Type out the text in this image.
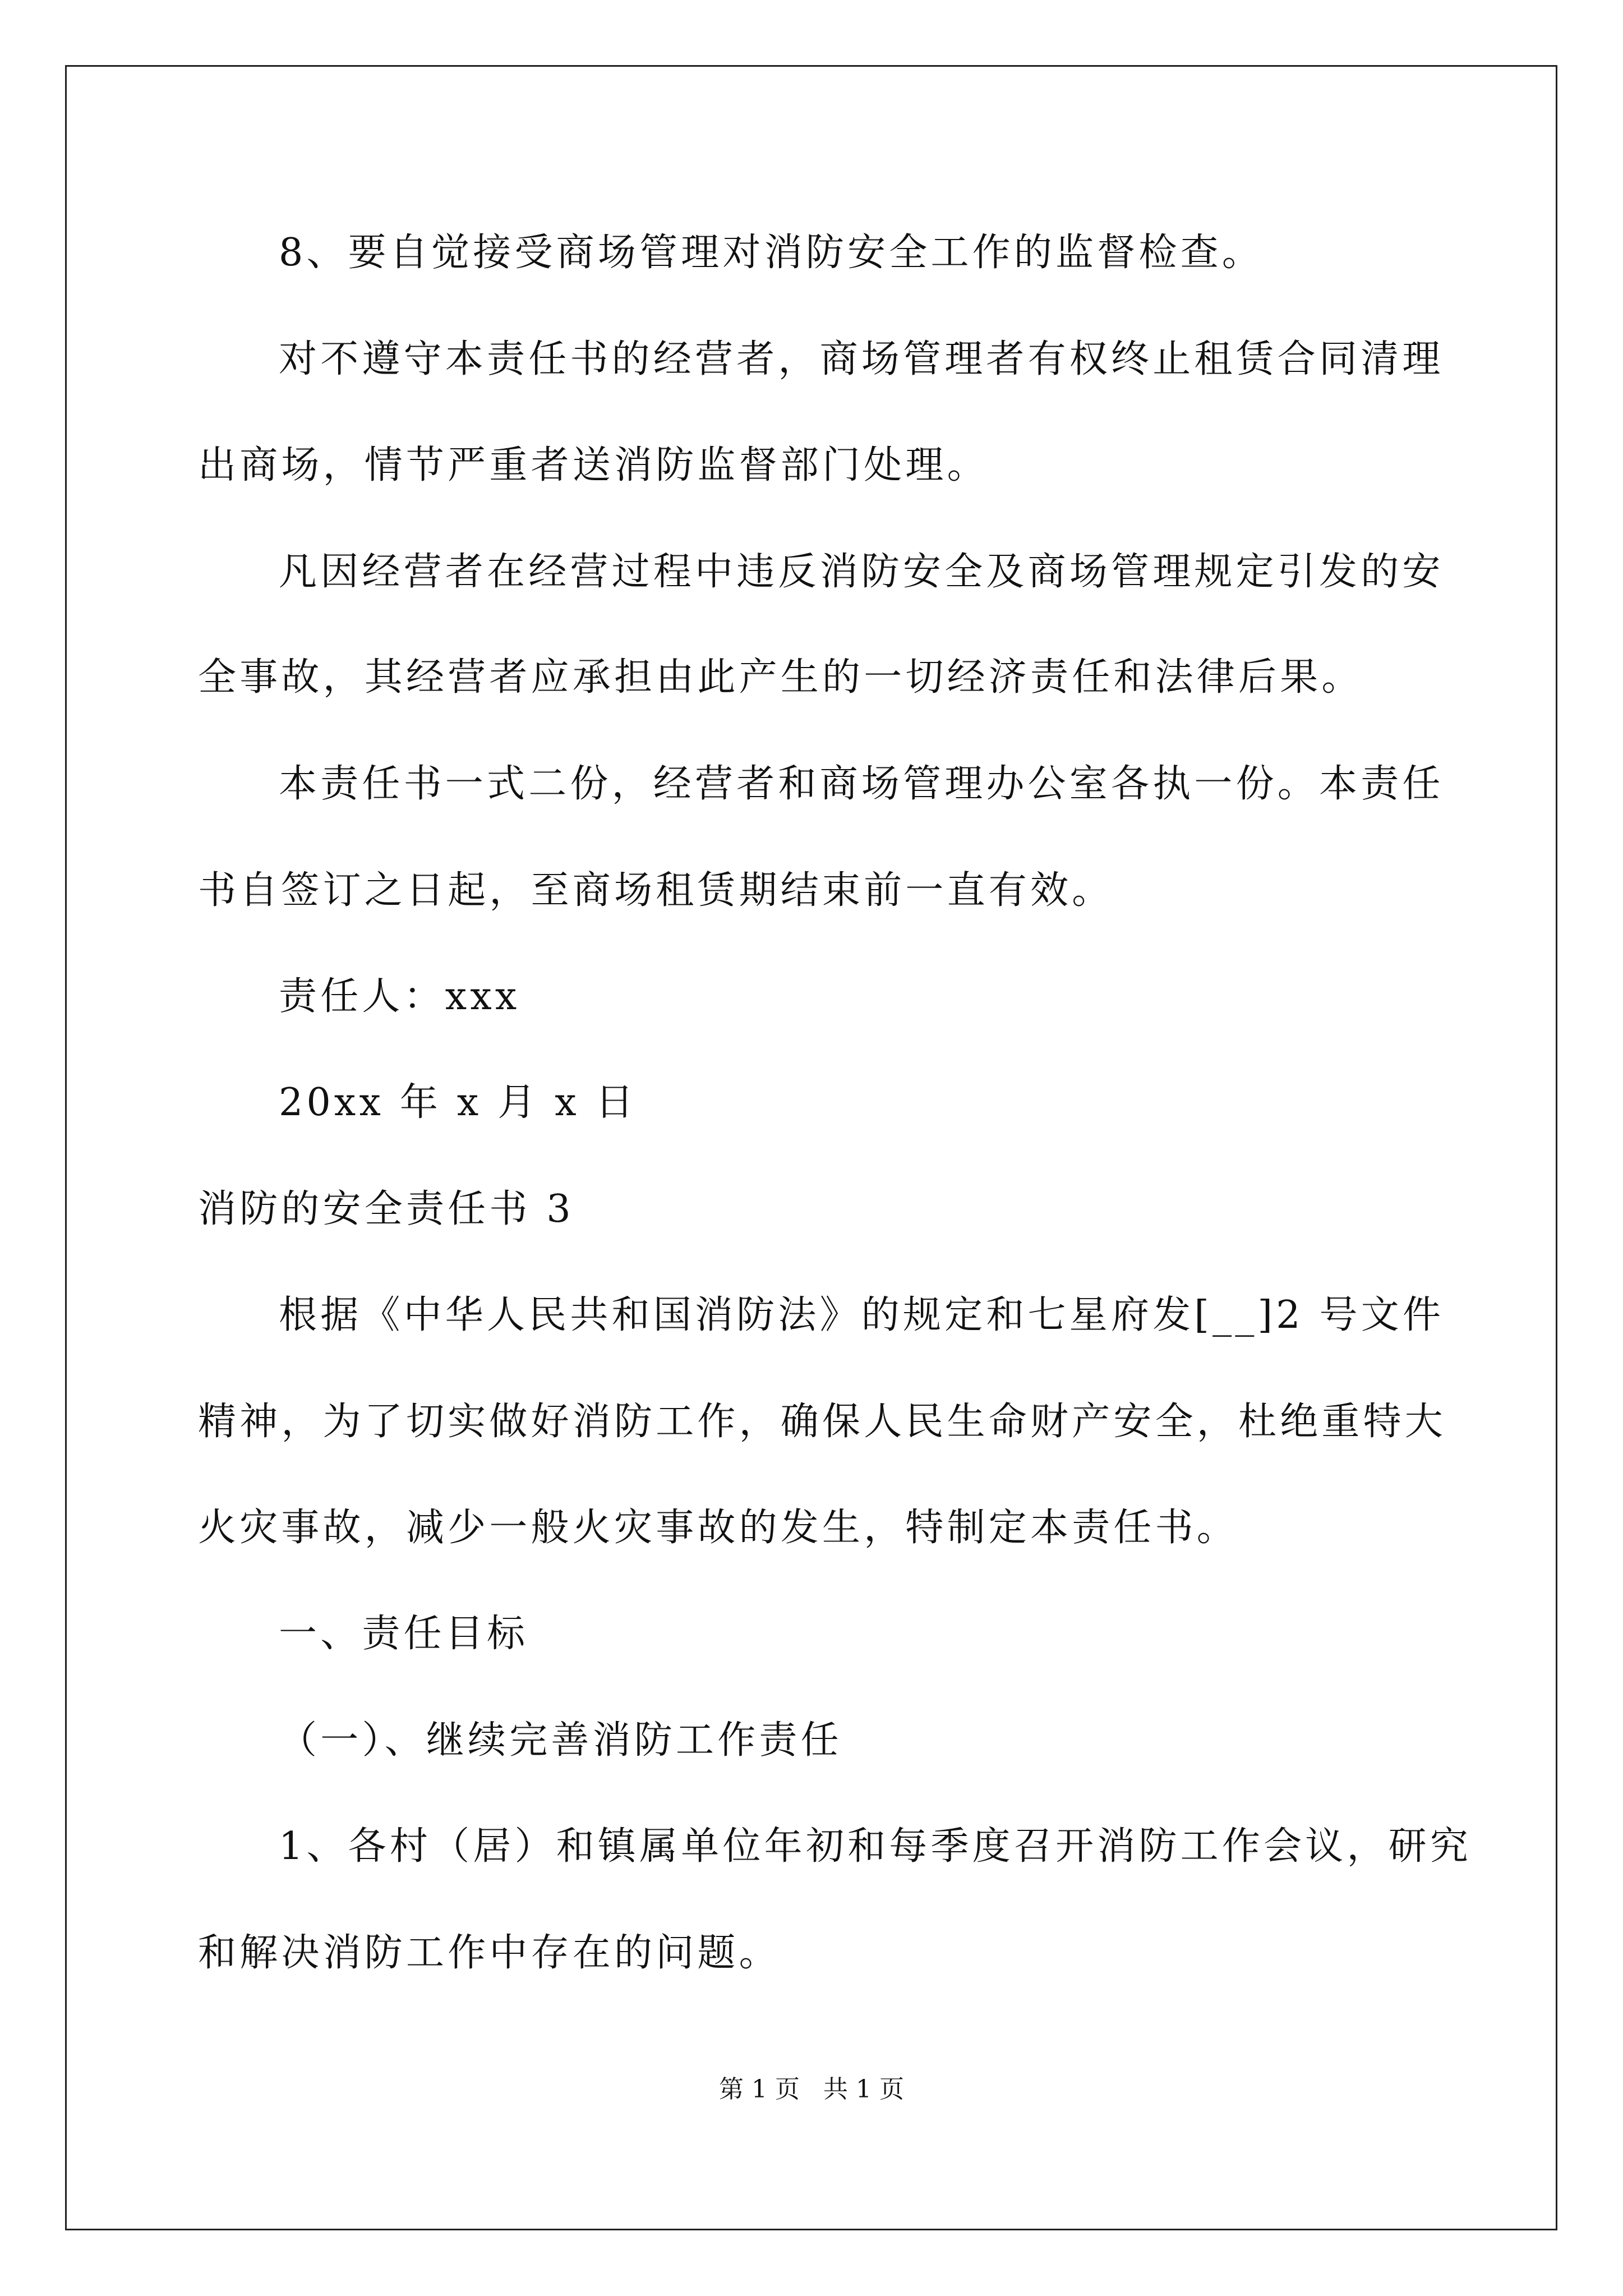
8、要自觉接受商场管理对消防安全工作的监督检查。
对不遵守本责任书的经营者，商场管理者有权终止租赁合同清理
出商场，情节严重者送消防监督部门处理。
凡因经营者在经营过程中违反消防安全及商场管理规定引发的安
全事故，其经营者应承担由此产生的一切经济责任和法律后果。
本责任书一式二份，经营者和商场管理办公室各执一份。本责任
书自签订之日起，至商场租赁期结束前一直有效。
责任人：xxx
20xx 年 x 月 x 日
消防的安全责任书 3
根据《中华人民共和国消防法》的规定和七星府发[__]2 号文件
精神，为了切实做好消防工作，确保人民生命财产安全，杜绝重特大
火灾事故，减少一般火灾事故的发生，特制定本责任书。
一、责任目标
（一）、继续完善消防工作责任
1、各村（居）和镇属单位年初和每季度召开消防工作会议，研究
和解决消防工作中存在的问题。
第 1 页   共 1 页
